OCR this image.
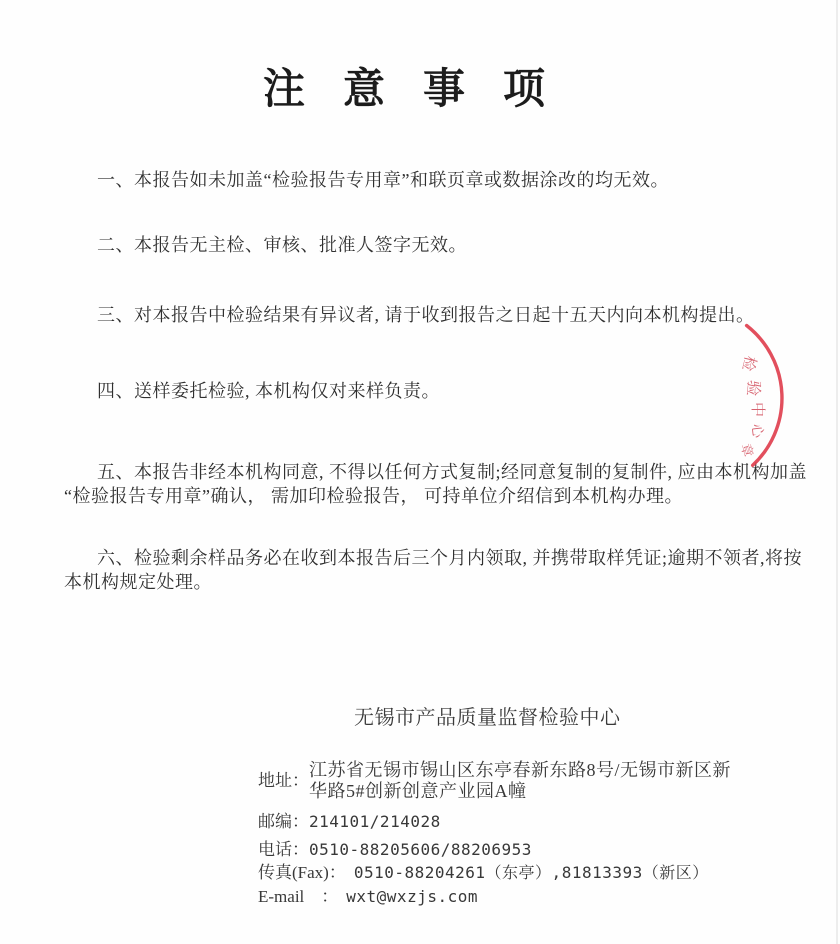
注意事项
一、本报告如未加盖“检验报告专用章”和联页章或数据涂改的均无效。
二、本报告无主检、审核、批准人签字无效。
三、对本报告中检验结果有异议者, 请于收到报告之日起十五天内向本机构提出。
四、送样委托检验, 本机构仅对来样负责。
五、本报告非经本机构同意, 不得以任何方式复制;经同意复制的复制件, 应由本机构加盖
“检验报告专用章”确认， 需加印检验报告， 可持单位介绍信到本机构办理。
六、检验剩余样品务必在收到本报告后三个月内领取, 并携带取样凭证;逾期不领者,将按
本机构规定处理。
无锡市产品质量监督检验中心
地址：
江苏省无锡市锡山区东亭春新东路8号/无锡市新区新
华路5#创新创意产业园A幢
邮编： 214101/214028
电话： 0510-88205606/88206953
传真(Fax)： 0510-88204261（东亭）,81813393（新区）
E-mail　： wxt@wxzjs.com
检
验
中
心
章
